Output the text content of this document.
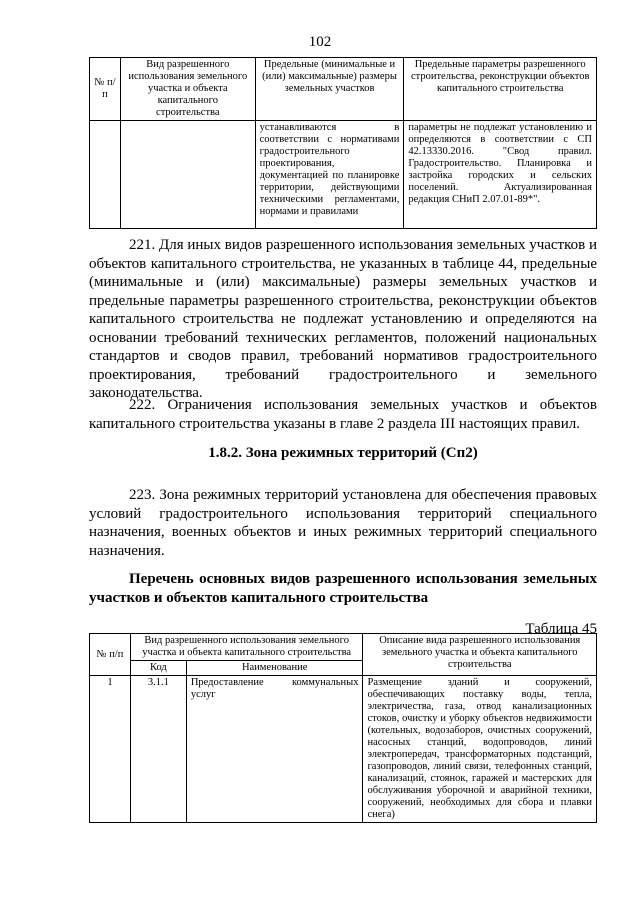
102
№ п/п	Вид разрешенного использования земельного участка и объекта капитального строительства	Предельные (минимальные и (или) максимальные) размеры земельных участков	Предельные параметры разрешенного строительства, реконструкции объектов капитального строительства

		устанавливаются в соответствии с нормативами градостроительного проектирования, документацией по планировке территории, действующими техническими регламентами, нормами и правилами	параметры не подлежат установлению и определяются в соответствии с СП 42.13330.2016. "Свод правил. Градостроительство. Планировка и застройка городских и сельских поселений. Актуализированная редакция СНиП 2.07.01-89*".
221. Для иных видов разрешенного использования земельных участков и объектов капитального строительства, не указанных в таблице 44, предельные (минимальные и (или) максимальные) размеры земельных участков и предельные параметры разрешенного строительства, реконструкции объектов капитального строительства не подлежат установлению и определяются на основании требований технических регламентов, положений национальных стандартов и сводов правил, требований нормативов градостроительного проектирования, требований градостроительного и земельного законодательства.
222. Ограничения использования земельных участков и объектов капитального строительства указаны в главе 2 раздела III настоящих правил.
1.8.2. Зона режимных территорий (Сп2)
223. Зона режимных территорий установлена для обеспечения правовых условий градостроительного использования территорий специального назначения, военных объектов и иных режимных территорий специального назначения.
Перечень основных видов разрешенного использования земельных
участков и объектов капитального строительства
Таблица 45
№ п/п	Вид разрешенного использования земельного участка и объекта капитального строительства		Описание вида разрешенного использования земельного участка и объекта капитального строительства
	Код	Наименование	
1	3.1.1	Предоставление коммунальных услуг	Размещение зданий и сооружений, обеспечивающих поставку воды, тепла, электричества, газа, отвод канализационных стоков, очистку и уборку объектов недвижимости (котельных, водозаборов, очистных сооружений, насосных станций, водопроводов, линий электропередач, трансформаторных подстанций, газопроводов, линий связи, телефонных станций, канализаций, стоянок, гаражей и мастерских для обслуживания уборочной и аварийной техники, сооружений, необходимых для сбора и плавки снега)
